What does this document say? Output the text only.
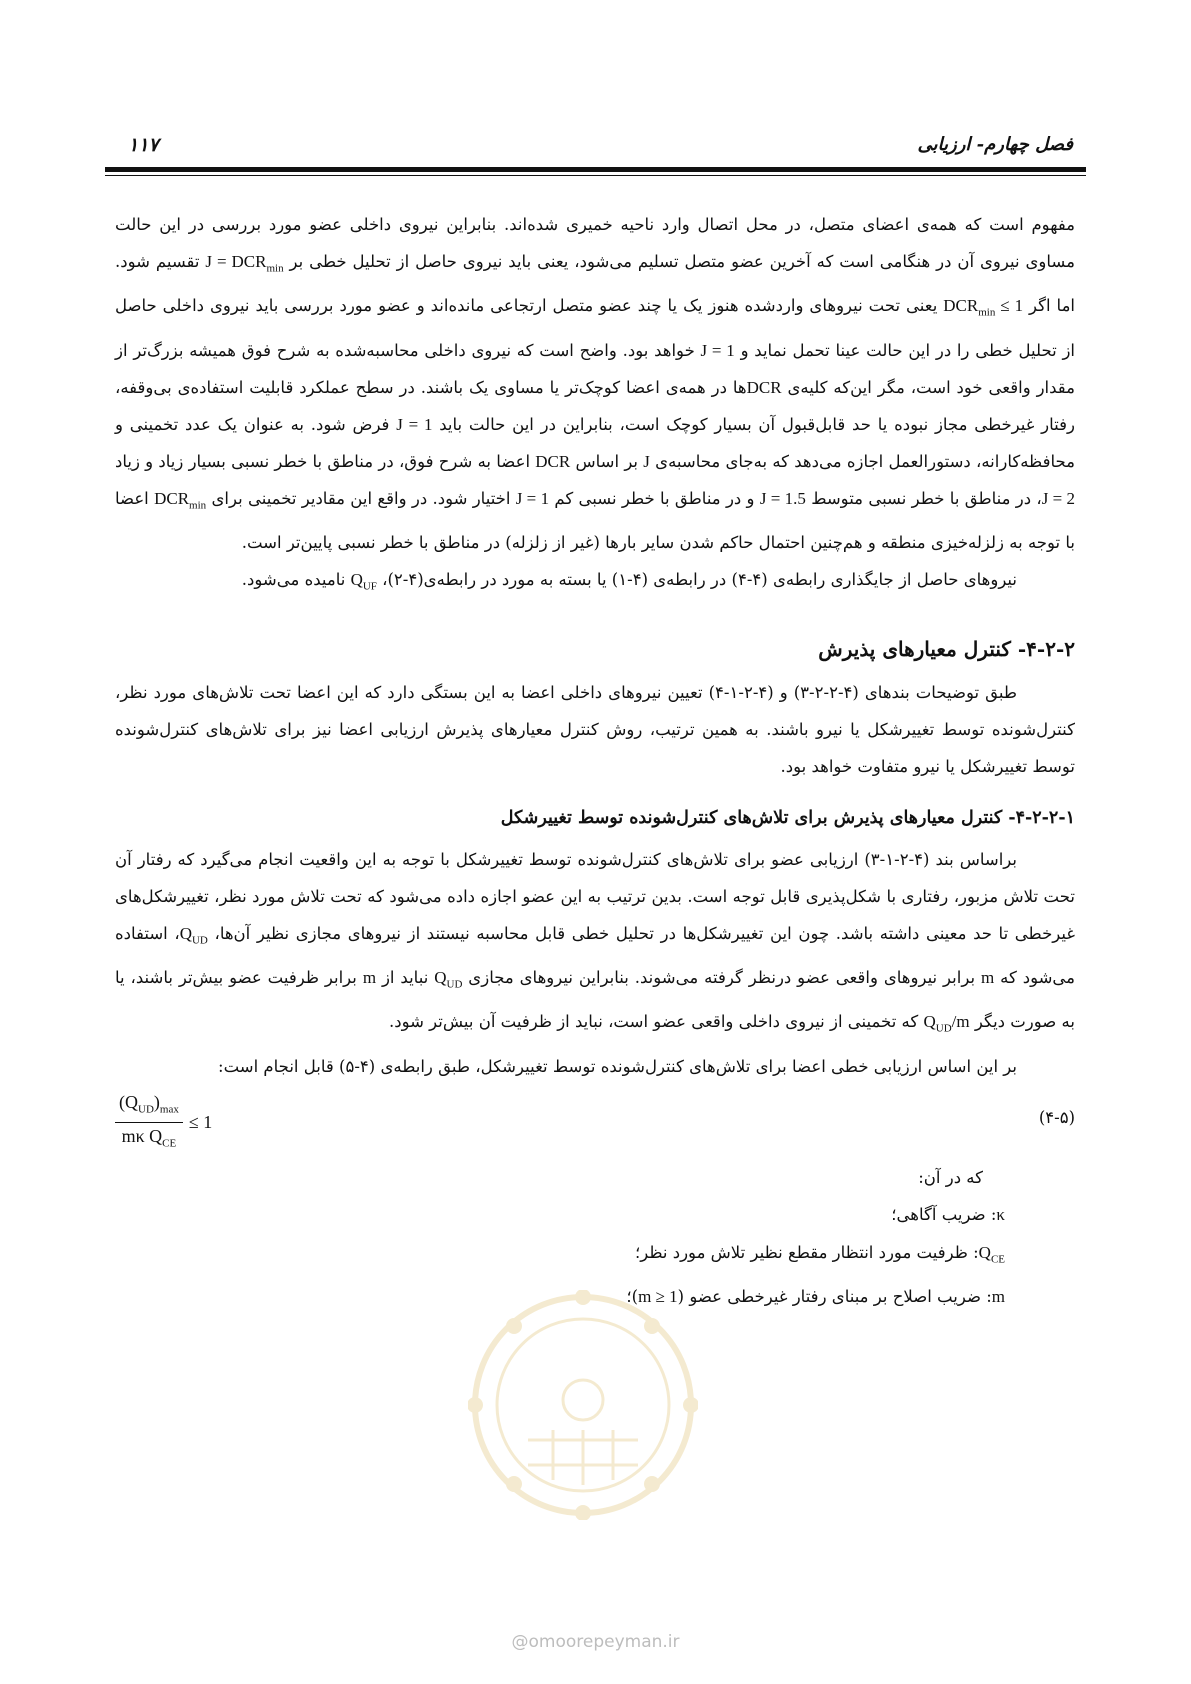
۱۱۷	فصل چهارم- ارزیابی

مفهوم است که همه‌ی اعضای متصل، در محل اتصال وارد ناحیه خمیری شده‌اند. بنابراین نیروی داخلی عضو مورد بررسی در این حالت مساوی نیروی آن در هنگامی است که آخرین عضو متصل تسلیم می‌شود، یعنی باید نیروی حاصل از تحلیل خطی بر $J = DCR_{min}$ تقسیم شود. اما اگر $DCR_{min} \le 1$ یعنی تحت نیروهای واردشده هنوز یک یا چند عضو متصل ارتجاعی مانده‌اند و عضو مورد بررسی باید نیروی داخلی حاصل از تحلیل خطی را در این حالت عینا تحمل نماید و J = 1 خواهد بود. واضح است که نیروی داخلی محاسبه‌شده به شرح فوق همیشه بزرگ‌تر از مقدار واقعی خود است، مگر این‌که کلیه‌ی DCRها در همه‌ی اعضا کوچک‌تر یا مساوی یک باشند. در سطح عملکرد قابلیت استفاده‌ی بی‌وقفه، رفتار غیرخطی مجاز نبوده یا حد قابل‌قبول آن بسیار کوچک است، بنابراین در این حالت باید J = 1 فرض شود. به عنوان یک عدد تخمینی و محافظه‌کارانه، دستورالعمل اجازه می‌دهد که به‌جای محاسبه‌ی J بر اساس DCR اعضا به شرح فوق، در مناطق با خطر نسبی بسیار زیاد و زیاد J = 2، در مناطق با خطر نسبی متوسط J = 1.5 و در مناطق با خطر نسبی کم J = 1 اختیار شود. در واقع این مقادیر تخمینی برای $DCR_{min}$ اعضا با توجه به زلزله‌خیزی منطقه و هم‌چنین احتمال حاکم شدن سایر بارها (غیر از زلزله) در مناطق با خطر نسبی پایین‌تر است.

نیروهای حاصل از جایگذاری رابطه‌ی (۴-۴) در رابطه‌ی (۴-۱) یا بسته به مورد در رابطه‌ی(۴-۲)، $Q_{UF}$ نامیده می‌شود.

۴-۲-۲- کنترل معیارهای پذیرش

طبق توضیحات بندهای (۴-۲-۲-۳) و (۴-۲-۱-۴) تعیین نیروهای داخلی اعضا به این بستگی دارد که این اعضا تحت تلاش‌های مورد نظر، کنترل‌شونده توسط تغییرشکل یا نیرو باشند. به همین ترتیب، روش کنترل معیارهای پذیرش ارزیابی اعضا نیز برای تلاش‌های کنترل‌شونده توسط تغییرشکل یا نیرو متفاوت خواهد بود.

۴-۲-۲-۱- کنترل معیارهای پذیرش برای تلاش‌های کنترل‌شونده توسط تغییرشکل

براساس بند (۴-۲-۱-۳) ارزیابی عضو برای تلاش‌های کنترل‌شونده توسط تغییرشکل با توجه به این واقعیت انجام می‌گیرد که رفتار آن تحت تلاش مزبور، رفتاری با شکل‌پذیری قابل توجه است. بدین ترتیب به این عضو اجازه داده می‌شود که تحت تلاش مورد نظر، تغییرشکل‌های غیرخطی تا حد معینی داشته باشد. چون این تغییرشکل‌ها در تحلیل خطی قابل محاسبه نیستند از نیروهای مجازی نظیر آن‌ها، $Q_{UD}،$ استفاده می‌شود که m برابر نیروهای واقعی عضو درنظر گرفته می‌شوند. بنابراین نیروهای مجازی $Q_{UD}$ نباید از m برابر ظرفیت عضو بیش‌تر باشند، یا به صورت دیگر $Q_{UD}/m$ که تخمینی از نیروی داخلی واقعی عضو است، نباید از ظرفیت آن بیش‌تر شود.

بر این اساس ارزیابی خطی اعضا برای تلاش‌های کنترل‌شونده توسط تغییرشکل، طبق رابطه‌ی (۴-۵) قابل انجام است:

(۴-۵)
$\frac{(Q_{UD})_{max}}{m\kappa Q_{CE}} \le 1$

که در آن:

κ: ضریب آگاهی؛

$Q_{CE}$: ظرفیت مورد انتظار مقطع نظیر تلاش مورد نظر؛

m: ضریب اصلاح بر مبنای رفتار غیرخطی عضو (m ≥ 1)؛

@omoorepeyman.ir
